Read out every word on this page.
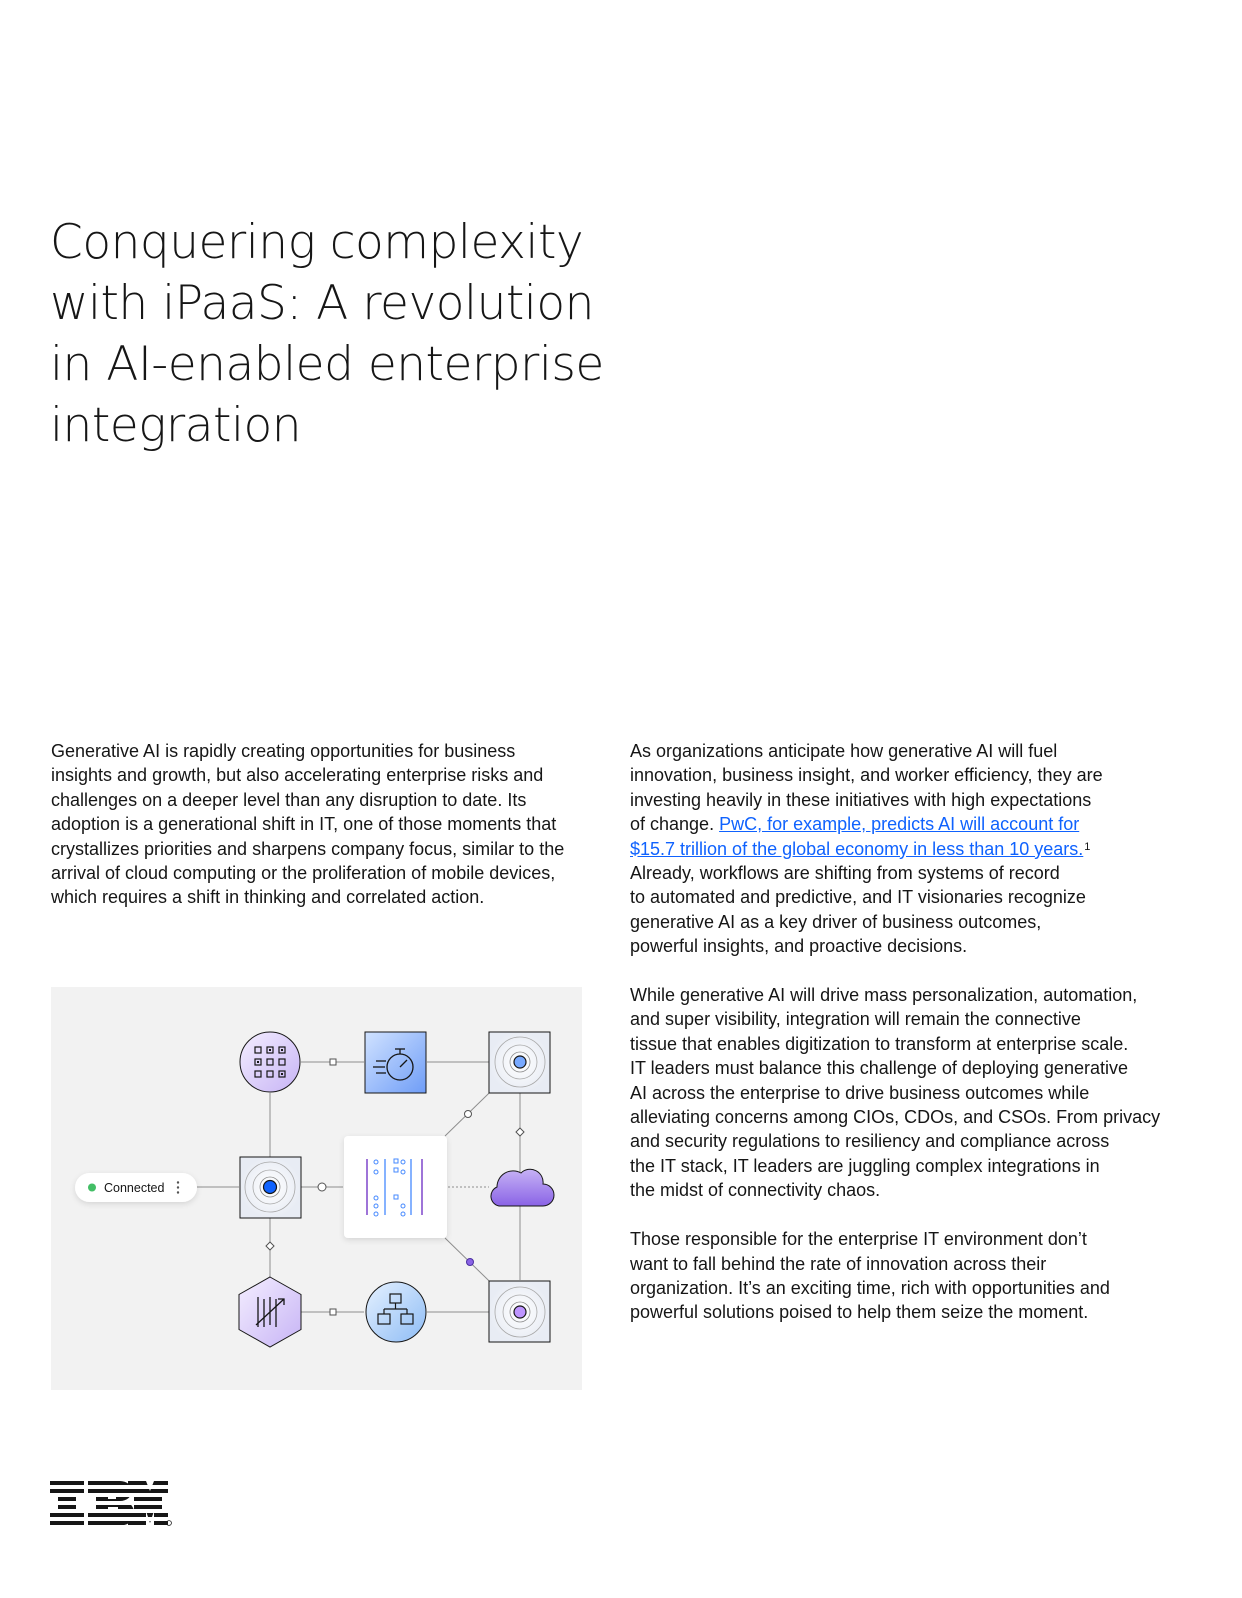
Conquering complexity
with iPaaS: A revolution
in AI-enabled enterprise
integration

Generative AI is rapidly creating opportunities for business
insights and growth, but also accelerating enterprise risks and
challenges on a deeper level than any disruption to date. Its
adoption is a generational shift in IT, one of those moments that
crystallizes priorities and sharpens company focus, similar to the
arrival of cloud computing or the proliferation of mobile devices,
which requires a shift in thinking and correlated action.

As organizations anticipate how generative AI will fuel
innovation, business insight, and worker efficiency, they are
investing heavily in these initiatives with high expectations
of change. PwC, for example, predicts AI will account for
$15.7 trillion of the global economy in less than 10 years.$^1$
Already, workflows are shifting from systems of record
to automated and predictive, and IT visionaries recognize
generative AI as a key driver of business outcomes,
powerful insights, and proactive decisions.

While generative AI will drive mass personalization, automation,
and super visibility, integration will remain the connective
tissue that enables digitization to transform at enterprise scale.
IT leaders must balance this challenge of deploying generative
AI across the enterprise to drive business outcomes while
alleviating concerns among CIOs, CDOs, and CSOs. From privacy
and security regulations to resiliency and compliance across
the IT stack, IT leaders are juggling complex integrations in
the midst of connectivity chaos.

Those responsible for the enterprise IT environment don’t
want to fall behind the rate of innovation across their
organization. It’s an exciting time, rich with opportunities and
powerful solutions poised to help them seize the moment.

Connected
